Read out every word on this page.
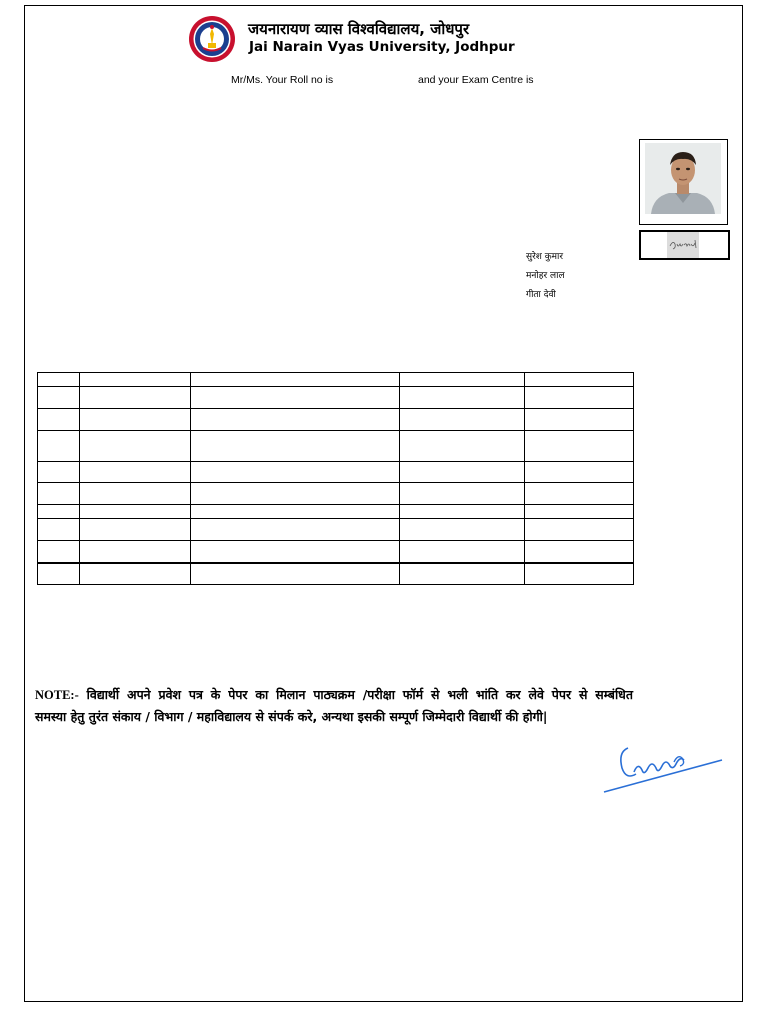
जयनारायण व्यास विश्वविद्यालय, जोधपुर
Jai Narain Vyas University, Jodhpur
Mr/Ms. Your Roll no is	and your Exam Centre is
सुरेश कुमार
मनोहर लाल
गीता देवी

NOTE:- विद्यार्थी अपने प्रवेश पत्र के पेपर का मिलान पाठ्यक्रम /परीक्षा फॉर्म से भली भांति कर लेवे पेपर से सम्बंधित
समस्या हेतु तुरंत संकाय / विभाग / महाविद्यालय से संपर्क करे, अन्यथा इसकी सम्पूर्ण जिम्मेदारी विद्यार्थी की होगी|
